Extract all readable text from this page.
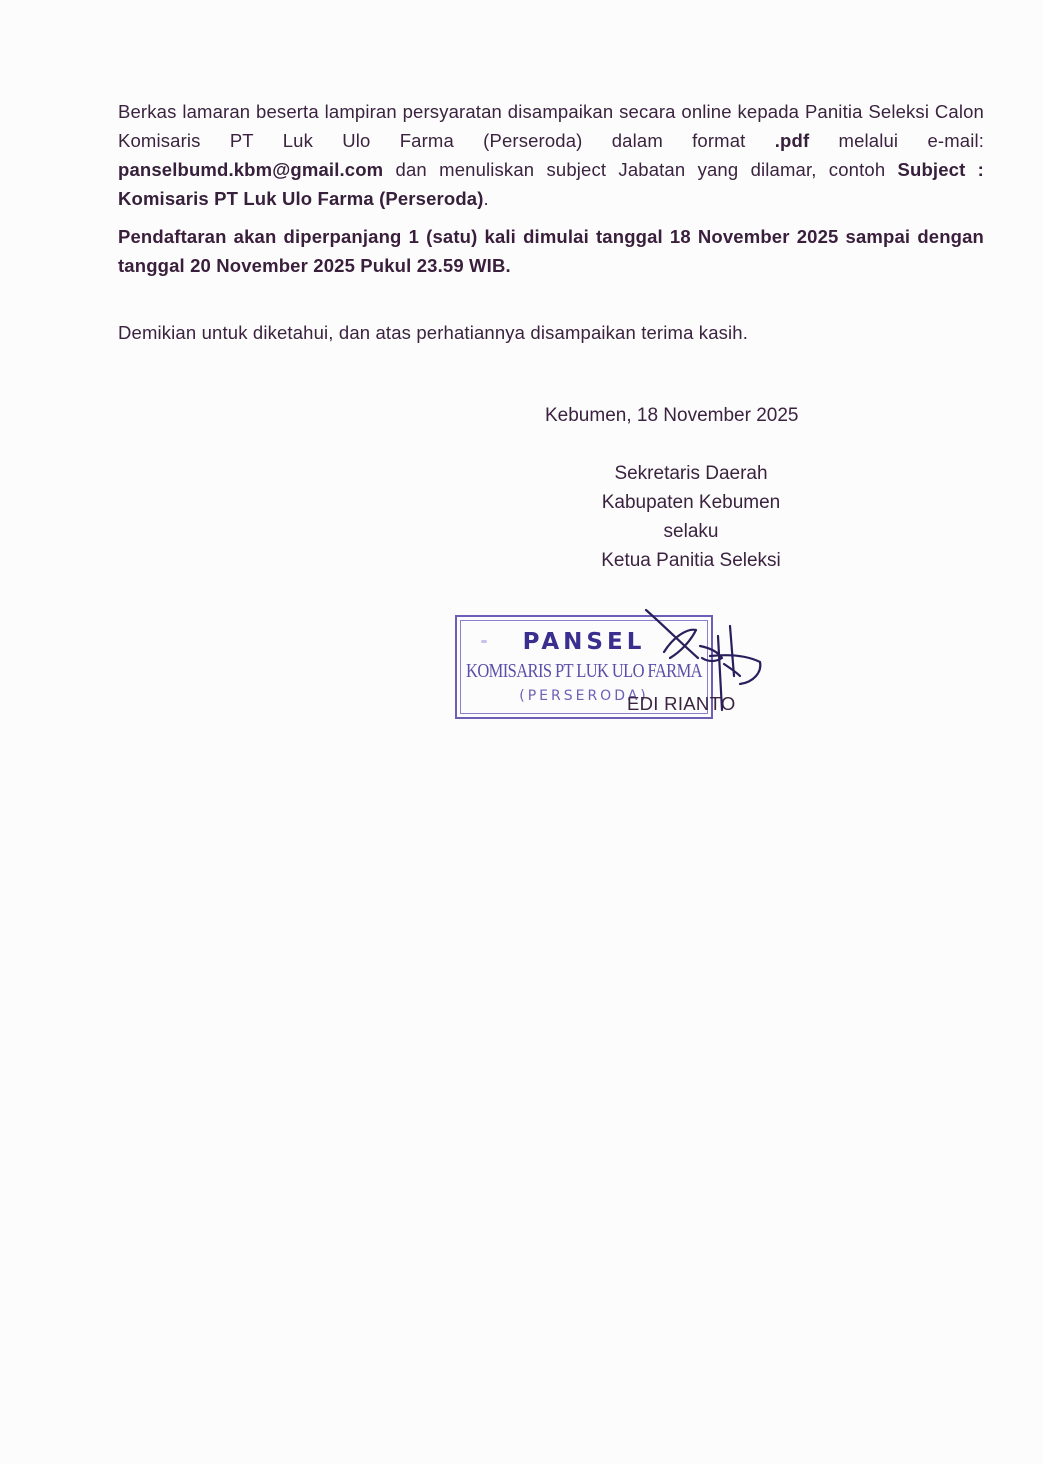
Berkas lamaran beserta lampiran persyaratan disampaikan secara online kepada Panitia Seleksi Calon Komisaris PT Luk Ulo Farma (Perseroda) dalam format .pdf melalui e-mail: panselbumd.kbm@gmail.com dan menuliskan subject Jabatan yang dilamar, contoh Subject : Komisaris PT Luk Ulo Farma (Perseroda).
Pendaftaran akan diperpanjang 1 (satu) kali dimulai tanggal 18 November 2025 sampai dengan tanggal 20 November 2025 Pukul 23.59 WIB.
Demikian untuk diketahui, dan atas perhatiannya disampaikan terima kasih.
Kebumen, 18 November 2025
Sekretaris Daerah
Kabupaten Kebumen
selaku
Ketua Panitia Seleksi
PANSEL
KOMISARIS PT LUK ULO FARMA
(PERSERODA)
EDI RIANTO
